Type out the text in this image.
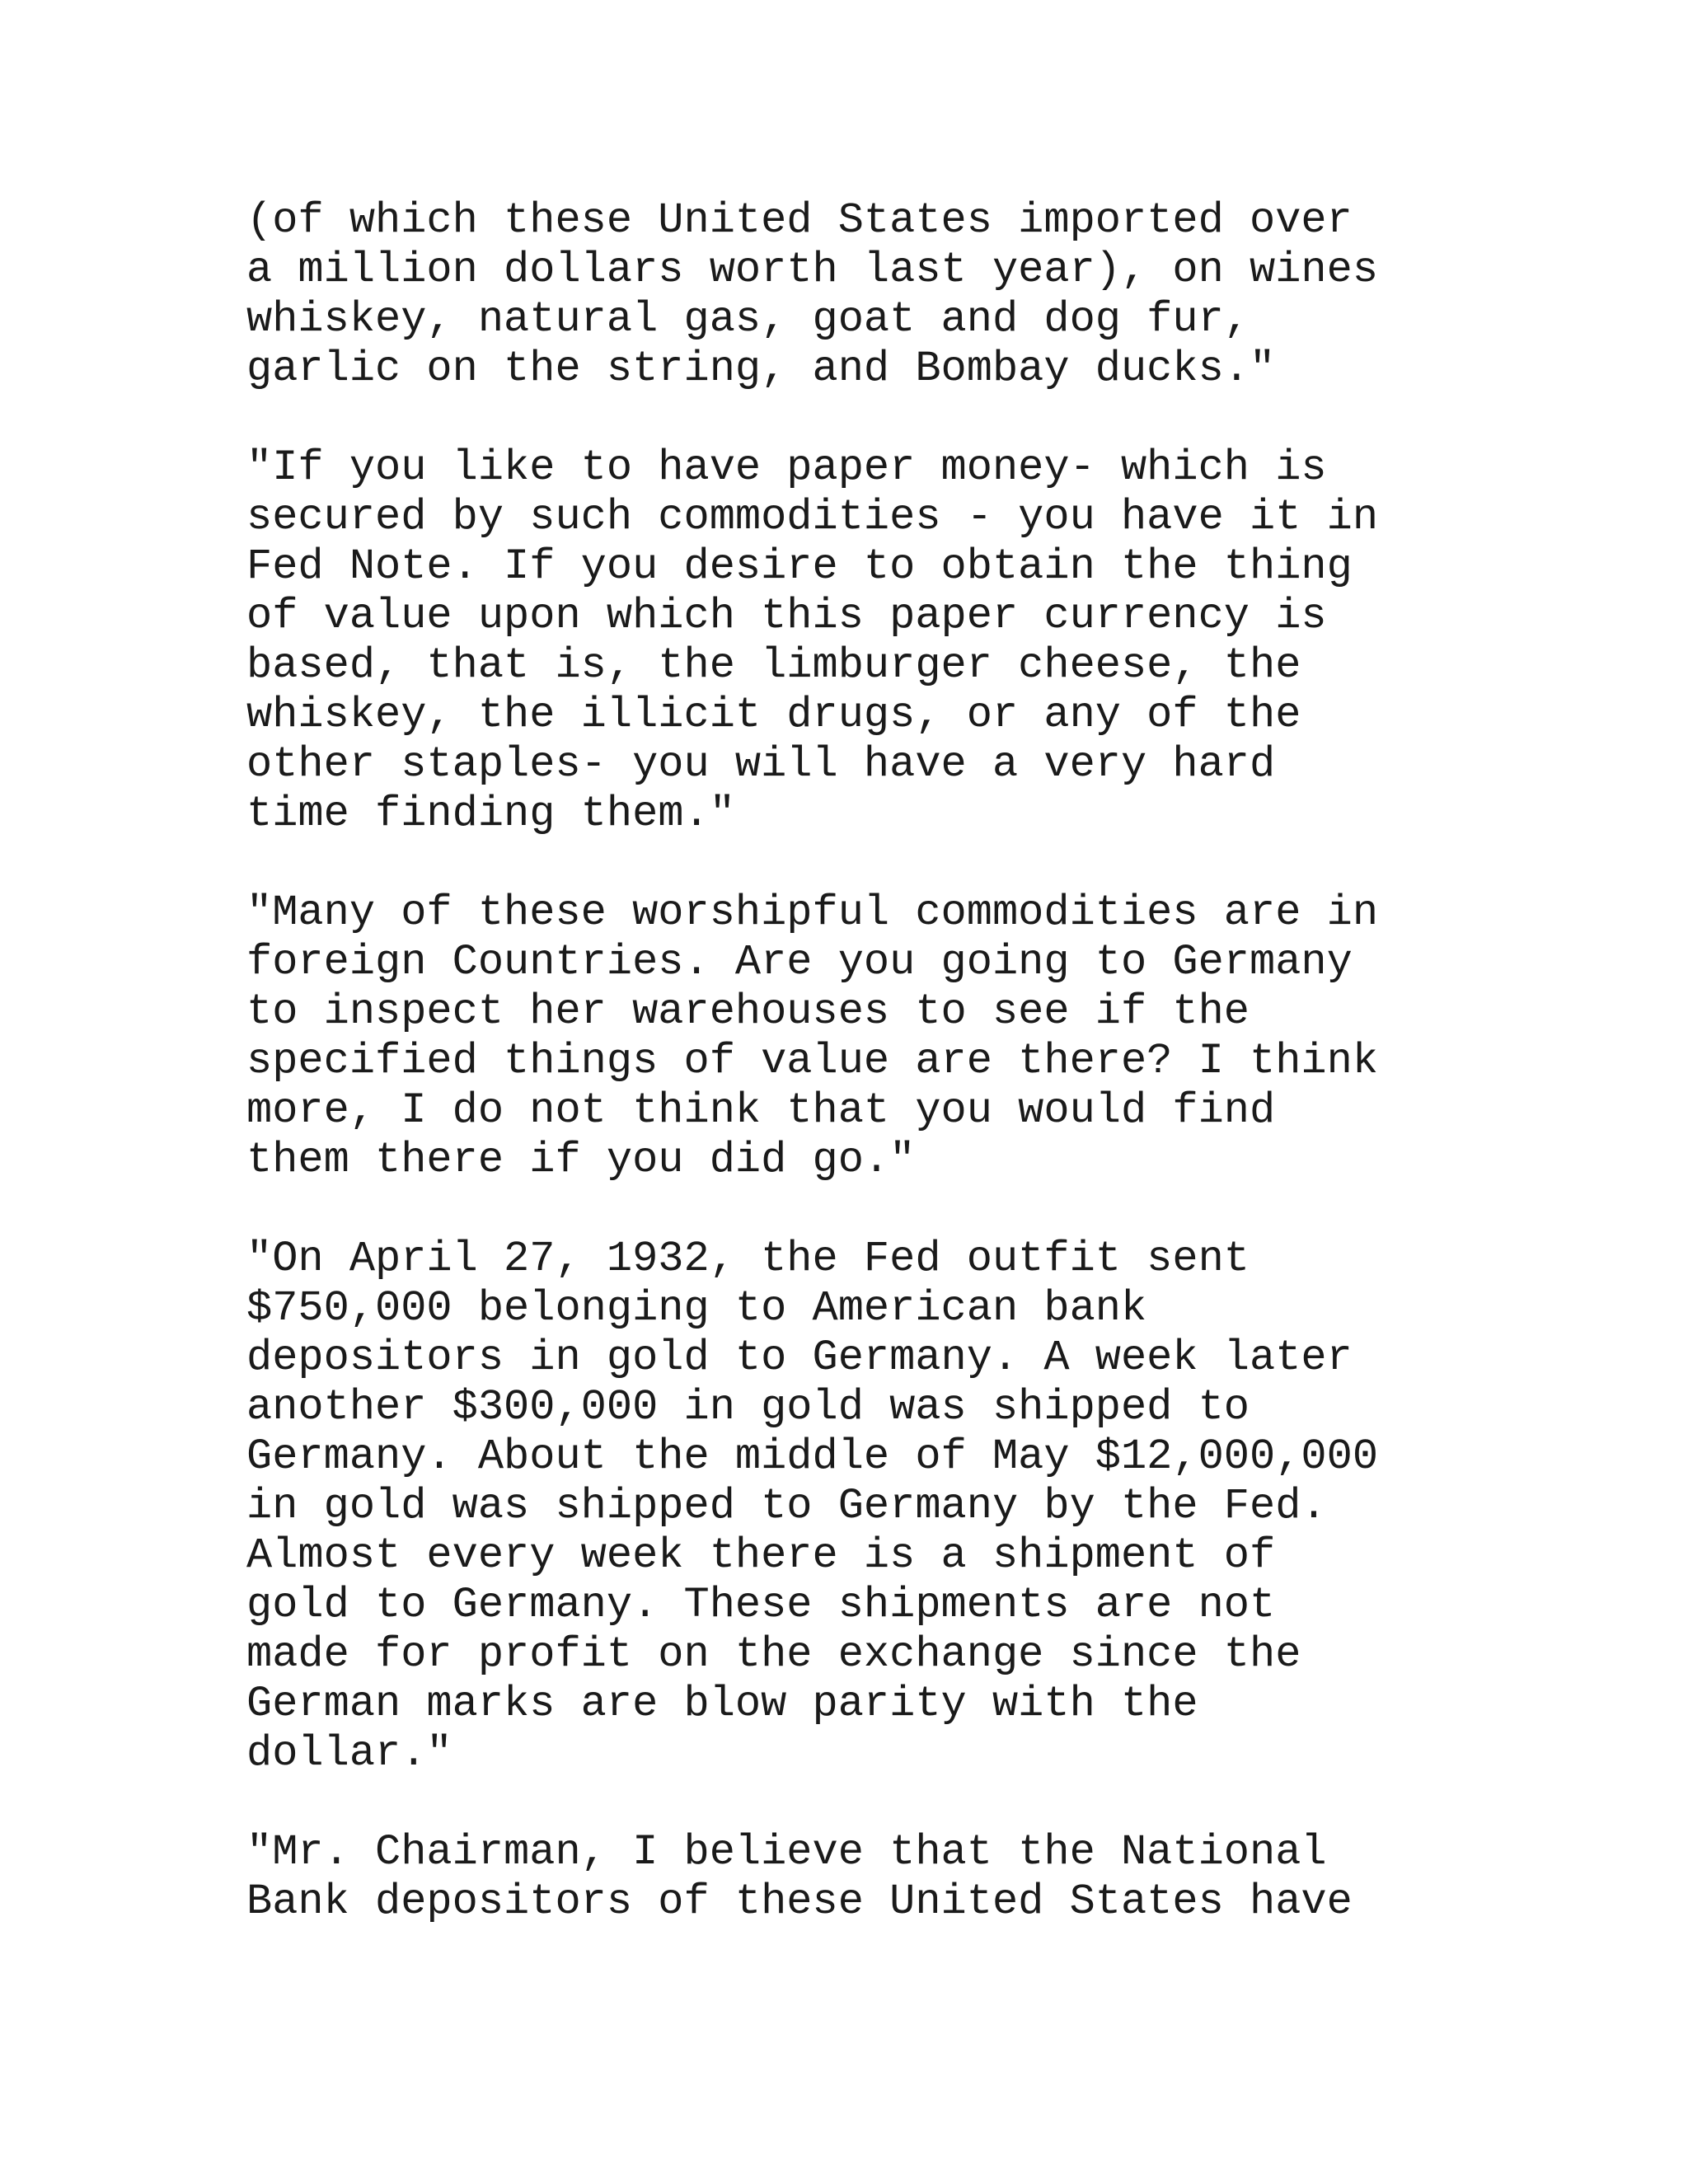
(of which these United States imported over
a million dollars worth last year), on wines
whiskey, natural gas, goat and dog fur,
garlic on the string, and Bombay ducks."
"If you like to have paper money- which is
secured by such commodities - you have it in
Fed Note. If you desire to obtain the thing
of value upon which this paper currency is
based, that is, the limburger cheese, the
whiskey, the illicit drugs, or any of the
other staples- you will have a very hard
time finding them."
"Many of these worshipful commodities are in
foreign Countries. Are you going to Germany
to inspect her warehouses to see if the
specified things of value are there? I think
more, I do not think that you would find
them there if you did go."
"On April 27, 1932, the Fed outfit sent
$750,000 belonging to American bank
depositors in gold to Germany. A week later
another $300,000 in gold was shipped to
Germany. About the middle of May $12,000,000
in gold was shipped to Germany by the Fed.
Almost every week there is a shipment of
gold to Germany. These shipments are not
made for profit on the exchange since the
German marks are blow parity with the
dollar."
"Mr. Chairman, I believe that the National
Bank depositors of these United States have
